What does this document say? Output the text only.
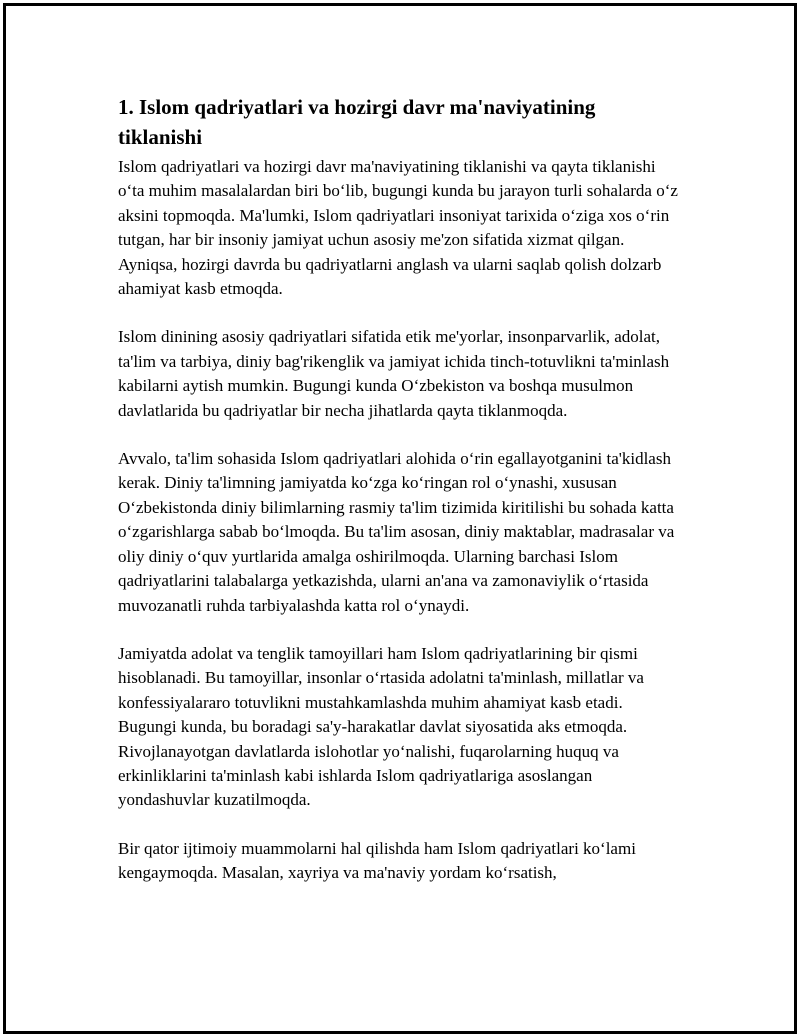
1. Islom qadriyatlari va hozirgi davr ma'naviyatining tiklanishi

Islom qadriyatlari va hozirgi davr ma'naviyatining tiklanishi va qayta tiklanishi o‘ta muhim masalalardan biri bo‘lib, bugungi kunda bu jarayon turli sohalarda o‘z aksini topmoqda. Ma'lumki, Islom qadriyatlari insoniyat tarixida o‘ziga xos o‘rin tutgan, har bir insoniy jamiyat uchun asosiy me'zon sifatida xizmat qilgan. Ayniqsa, hozirgi davrda bu qadriyatlarni anglash va ularni saqlab qolish dolzarb ahamiyat kasb etmoqda.

Islom dinining asosiy qadriyatlari sifatida etik me'yorlar, insonparvarlik, adolat, ta'lim va tarbiya, diniy bag'rikenglik va jamiyat ichida tinch-totuvlikni ta'minlash kabilarni aytish mumkin. Bugungi kunda O‘zbekiston va boshqa musulmon davlatlarida bu qadriyatlar bir necha jihatlarda qayta tiklanmoqda.

Avvalo, ta'lim sohasida Islom qadriyatlari alohida o‘rin egallayotganini ta'kidlash kerak. Diniy ta'limning jamiyatda ko‘zga ko‘ringan rol o‘ynashi, xususan O‘zbekistonda diniy bilimlarning rasmiy ta'lim tizimida kiritilishi bu sohada katta o‘zgarishlarga sabab bo‘lmoqda. Bu ta'lim asosan, diniy maktablar, madrasalar va oliy diniy o‘quv yurtlarida amalga oshirilmoqda. Ularning barchasi Islom qadriyatlarini talabalarga yetkazishda, ularni an'ana va zamonaviylik o‘rtasida muvozanatli ruhda tarbiyalashda katta rol o‘ynaydi.

Jamiyatda adolat va tenglik tamoyillari ham Islom qadriyatlarining bir qismi hisoblanadi. Bu tamoyillar, insonlar o‘rtasida adolatni ta'minlash, millatlar va konfessiyalararo totuvlikni mustahkamlashda muhim ahamiyat kasb etadi. Bugungi kunda, bu boradagi sa'y-harakatlar davlat siyosatida aks etmoqda. Rivojlanayotgan davlatlarda islohotlar yo‘nalishi, fuqarolarning huquq va erkinliklarini ta'minlash kabi ishlarda Islom qadriyatlariga asoslangan yondashuvlar kuzatilmoqda.

Bir qator ijtimoiy muammolarni hal qilishda ham Islom qadriyatlari ko‘lami kengaymoqda. Masalan, xayriya va ma'naviy yordam ko‘rsatish,
